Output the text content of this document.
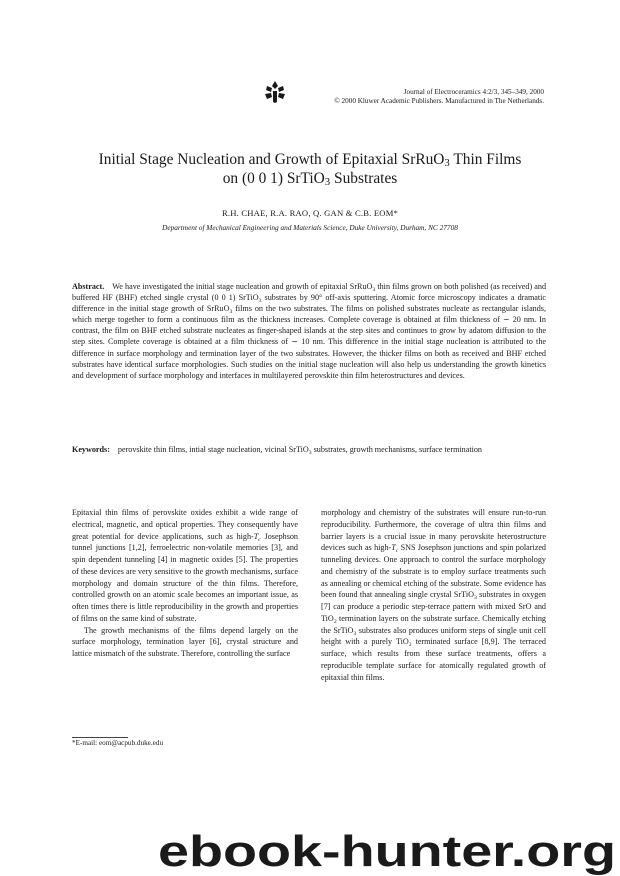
Journal of Electroceramics 4:2/3, 345–349, 2000
© 2000 Kluwer Academic Publishers. Manufactured in The Netherlands.
Initial Stage Nucleation and Growth of Epitaxial SrRuO$_3$ Thin Films
on (0 0 1) SrTiO$_3$ Substrates
R.H. CHAE, R.A. RAO, Q. GAN & C.B. EOM*
Department of Mechanical Engineering and Materials Science, Duke University, Durham, NC 27708
Abstract. We have investigated the initial stage nucleation and growth of epitaxial SrRuO$_3$ thin films grown on both polished (as received) and buffered HF (BHF) etched single crystal (0 0 1) SrTiO$_3$ substrates by 90° off-axis sputtering. Atomic force microscopy indicates a dramatic difference in the initial stage growth of SrRuO$_3$ films on the two substrates. The films on polished substrates nucleate as rectangular islands, which merge together to form a continuous film as the thickness increases. Complete coverage is obtained at film thickness of ∼ 20 nm. In contrast, the film on BHF etched substrate nucleates as finger-shaped islands at the step sites and continues to grow by adatom diffusion to the step sites. Complete coverage is obtained at a film thickness of ∼ 10 nm. This difference in the initial stage nucleation is attributed to the difference in surface morphology and termination layer of the two substrates. However, the thicker films on both as received and BHF etched substrates have identical surface morphologies. Such studies on the initial stage nucleation will also help us understanding the growth kinetics and development of surface morphology and interfaces in multilayered perovskite thin film heterostructures and devices.
Keywords: perovskite thin films, intial stage nucleation, vicinal SrTiO$_3$ substrates, growth mechanisms, surface termination

Epitaxial thin films of perovskite oxides exhibit a wide range of electrical, magnetic, and optical properties. They consequently have great potential for device applications, such as high-$T_c$ Josephson tunnel junctions [1,2], ferroelectric non-volatile memories [3], and spin dependent tunneling [4] in magnetic oxides [5]. The properties of these devices are very sensitive to the growth mechanisms, surface morphology and domain structure of the thin films. Therefore, controlled growth on an atomic scale becomes an important issue, as often times there is little reproducibility in the growth and properties of films on the same kind of substrate.

The growth mechanisms of the films depend largely on the surface morphology, termination layer [6], crystal structure and lattice mismatch of the substrate. Therefore, controlling the surface

morphology and chemistry of the substrates will ensure run-to-run reproducibility. Furthermore, the coverage of ultra thin films and barrier layers is a crucial issue in many perovskite heterostructure devices such as high-$T_c$ SNS Josephson junctions and spin polarized tunneling devices. One approach to control the surface morphology and chemistry of the substrate is to employ surface treatments such as annealing or chemical etching of the substrate. Some evidence has been found that annealing single crystal SrTiO$_3$ substrates in oxygen [7] can produce a periodic step-terrace pattern with mixed SrO and TiO$_2$ termination layers on the substrate surface. Chemically etching the SrTiO$_3$ substrates also produces uniform steps of single unit cell height with a purely TiO$_2$ terminated surface [8,9]. The terraced surface, which results from these surface treatments, offers a reproducible template surface for atomically regulated growth of epitaxial thin films.

*E-mail: eom@acpub.duke.edu
ebook-hunter.org
